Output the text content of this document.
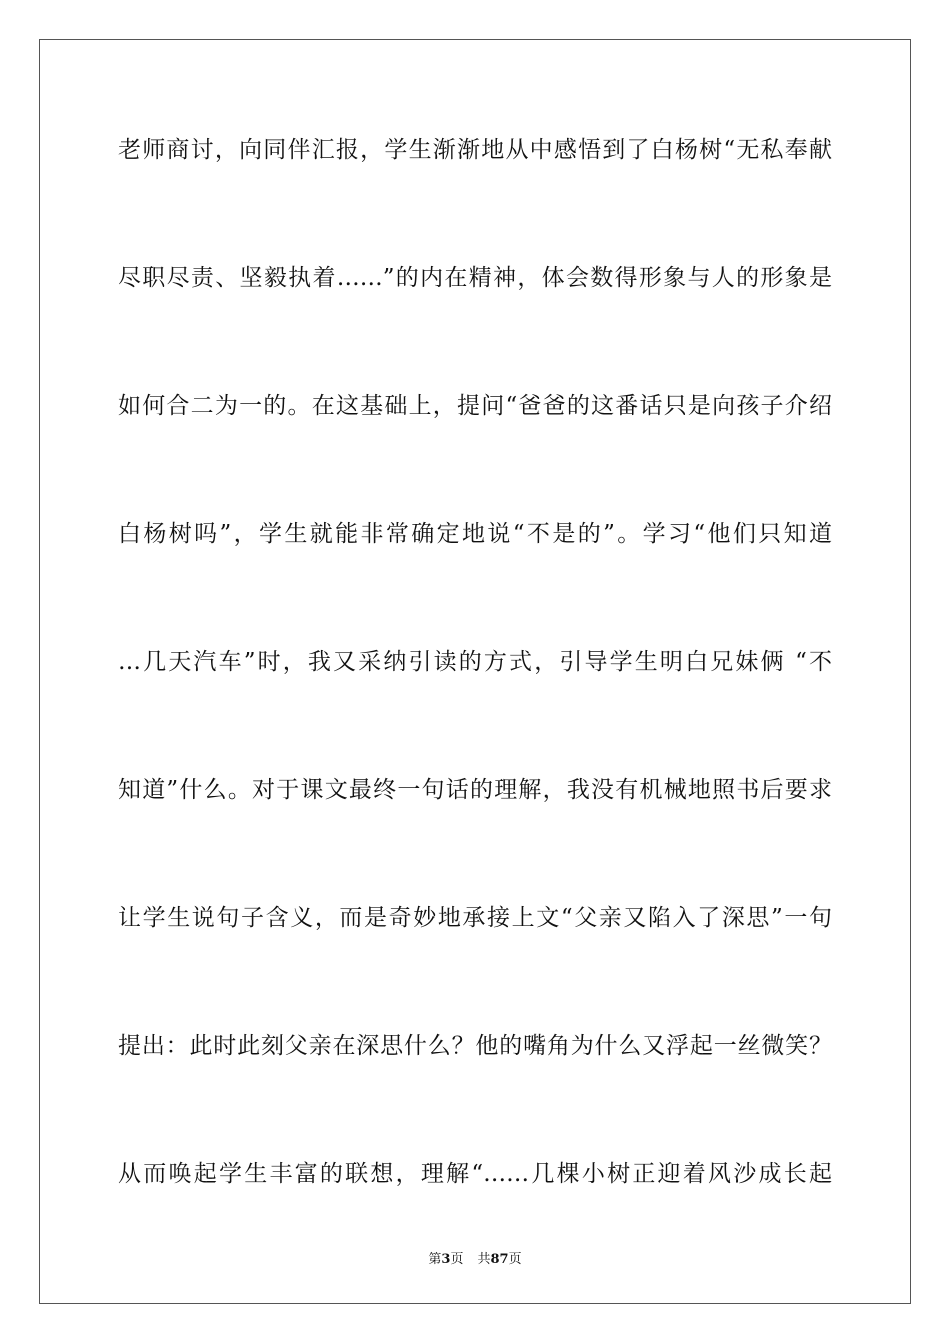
老师商讨，向同伴汇报，学生渐渐地从中感悟到了白杨树“无私奉献

尽职尽责、坚毅执着……”的内在精神，体会数得形象与人的形象是

如何合二为一的。在这基础上，提问“爸爸的这番话只是向孩子介绍

白杨树吗”，学生就能非常确定地说“不是的”。学习“他们只知道

…几天汽车”时，我又采纳引读的方式，引导学生明白兄妹俩 “不

知道”什么。对于课文最终一句话的理解，我没有机械地照书后要求

让学生说句子含义，而是奇妙地承接上文“父亲又陷入了深思”一句

提出：此时此刻父亲在深思什么？他的嘴角为什么又浮起一丝微笑？

从而唤起学生丰富的联想，理解“……几棵小树正迎着风沙成长起

第3页 共87页
